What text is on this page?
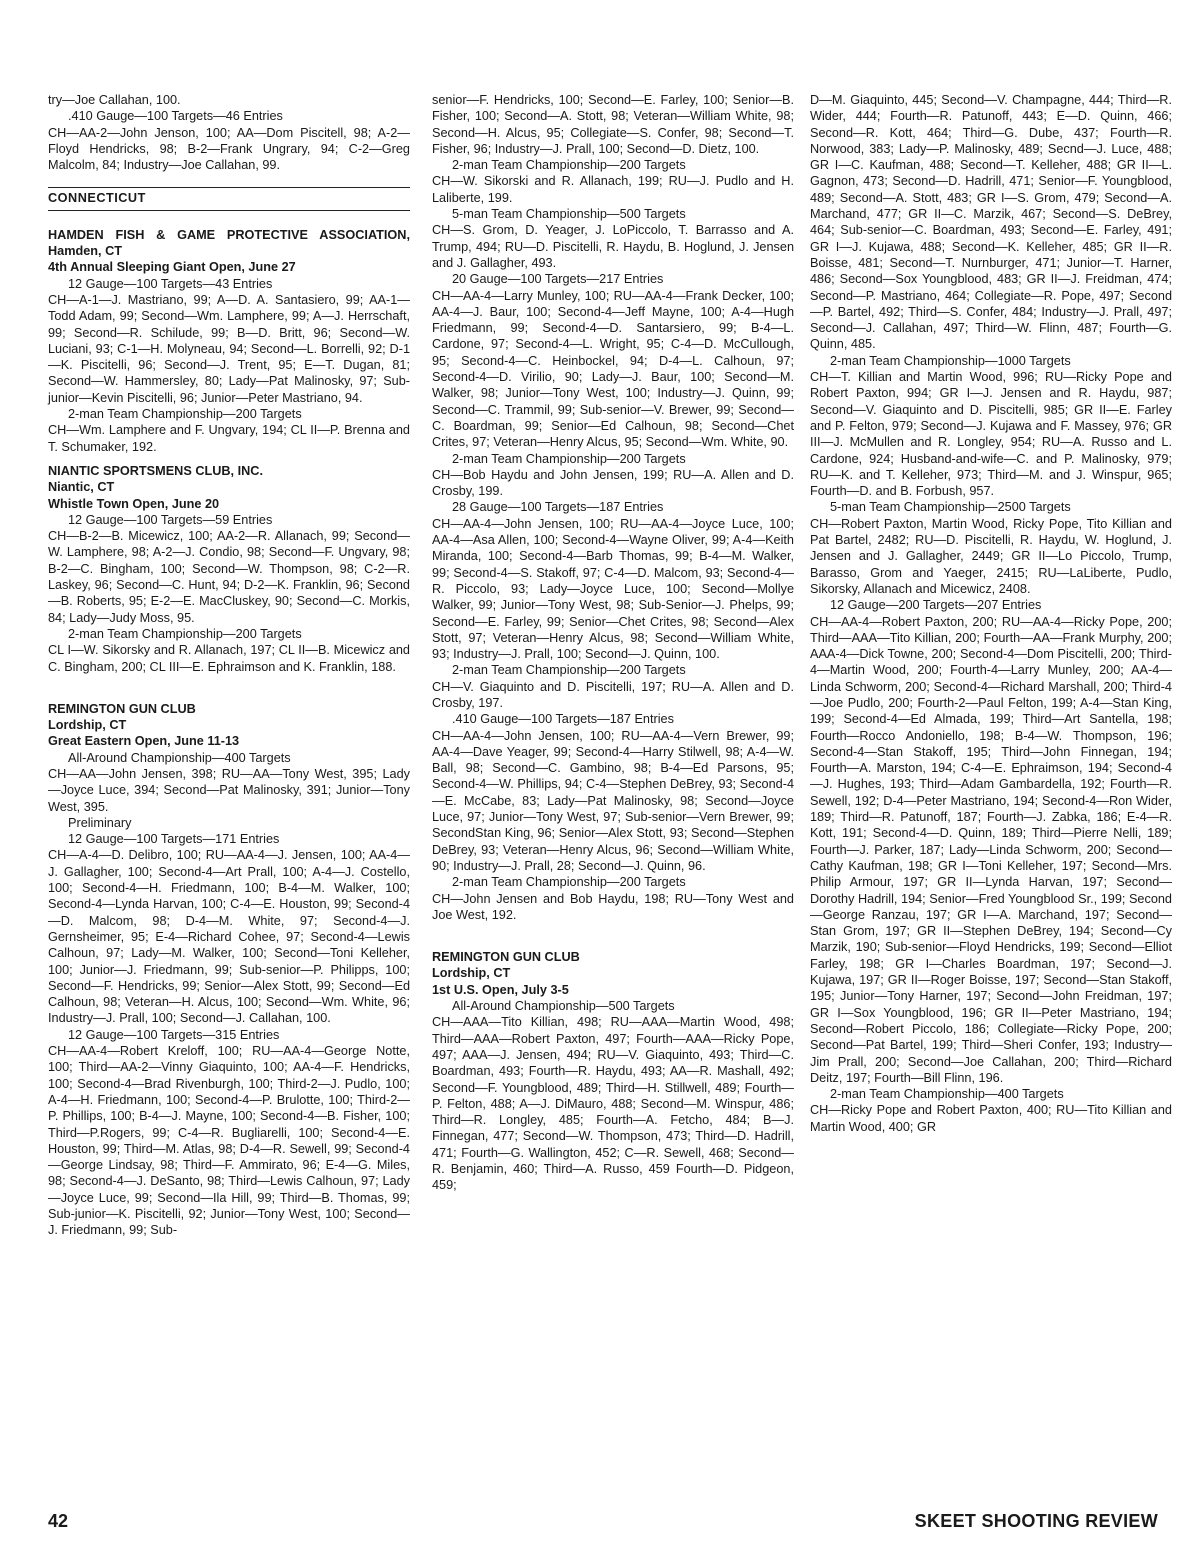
try—Joe Callahan, 100.

.410 Gauge—100 Targets—46 Entries

CH—AA-2—John Jenson, 100; AA—Dom Piscitell, 98; A-2—Floyd Hendricks, 98; B-2—Frank Ungrary, 94; C-2—Greg Malcolm, 84; Industry—Joe Callahan, 99.

CONNECTICUT
HAMDEN FISH & GAME PROTECTIVE ASSOCIATION, Hamden, CT
4th Annual Sleeping Giant Open, June 27

12 Gauge—100 Targets—43 Entries

CH—A-1—J. Mastriano, 99; A—D. A. Santasiero, 99; AA-1—Todd Adam, 99; Second—Wm. Lamphere, 99; A—J. Herrschaft, 99; Second—R. Schilude, 99; B—D. Britt, 96; Second—W. Luciani, 93; C-1—H. Molyneau, 94; Second—L. Borrelli, 92; D-1—K. Piscitelli, 96; Second—J. Trent, 95; E—T. Dugan, 81; Second—W. Hammersley, 80; Lady—Pat Malinosky, 97; Sub-junior—Kevin Piscitelli, 96; Junior—Peter Mastriano, 94.

2-man Team Championship—200 Targets

CH—Wm. Lamphere and F. Ungvary, 194; CL II—P. Brenna and T. Schumaker, 192.

NIANTIC SPORTSMENS CLUB, INC.
Niantic, CT
Whistle Town Open, June 20

12 Gauge—100 Targets—59 Entries

CH—B-2—B. Micewicz, 100; AA-2—R. Allanach, 99; Second—W. Lamphere, 98; A-2—J. Condio, 98; Second—F. Ungvary, 98; B-2—C. Bingham, 100; Second—W. Thompson, 98; C-2—R. Laskey, 96; Second—C. Hunt, 94; D-2—K. Franklin, 96; Second—B. Roberts, 95; E-2—E. MacCluskey, 90; Second—C. Morkis, 84; Lady—Judy Moss, 95.

2-man Team Championship—200 Targets

CL I—W. Sikorsky and R. Allanach, 197; CL II—B. Micewicz and C. Bingham, 200; CL III—E. Ephraimson and K. Franklin, 188.

REMINGTON GUN CLUB
Lordship, CT
Great Eastern Open, June 11-13

All-Around Championship—400 Targets

CH—AA—John Jensen, 398; RU—AA—Tony West, 395; Lady—Joyce Luce, 394; Second—Pat Malinosky, 391; Junior—Tony West, 395.

Preliminary

12 Gauge—100 Targets—171 Entries

CH—A-4—D. Delibro, 100; RU—AA-4—J. Jensen, 100; AA-4—J. Gallagher, 100; Second-4—Art Prall, 100; A-4—J. Costello, 100; Second-4—H. Friedmann, 100; B-4—M. Walker, 100; Second-4—Lynda Harvan, 100; C-4—E. Houston, 99; Second-4—D. Malcom, 98; D-4—M. White, 97; Second-4—J. Gernsheimer, 95; E-4—Richard Cohee, 97; Second-4—Lewis Calhoun, 97; Lady—M. Walker, 100; Second—Toni Kelleher, 100; Junior—J. Friedmann, 99; Sub-senior—P. Philipps, 100; Second—F. Hendricks, 99; Senior—Alex Stott, 99; Second—Ed Calhoun, 98; Veteran—H. Alcus, 100; Second—Wm. White, 96; Industry—J. Prall, 100; Second—J. Callahan, 100.

12 Gauge—100 Targets—315 Entries

CH—AA-4—Robert Kreloff, 100; RU—AA-4—George Notte, 100; Third—AA-2—Vinny Giaquinto, 100; AA-4—F. Hendricks, 100; Second-4—Brad Rivenburgh, 100; Third-2—J. Pudlo, 100; A-4—H. Friedmann, 100; Second-4—P. Brulotte, 100; Third-2—P. Phillips, 100; B-4—J. Mayne, 100; Second-4—B. Fisher, 100; Third—P.Rogers, 99; C-4—R. Bugliarelli, 100; Second-4—E. Houston, 99; Third—M. Atlas, 98; D-4—R. Sewell, 99; Second-4—George Lindsay, 98; Third—F. Ammirato, 96; E-4—G. Miles, 98; Second-4—J. DeSanto, 98; Third—Lewis Calhoun, 97; Lady—Joyce Luce, 99; Second—Ila Hill, 99; Third—B. Thomas, 99; Sub-junior—K. Piscitelli, 92; Junior—Tony West, 100; Second—J. Friedmann, 99; Sub-

senior—F. Hendricks, 100; Second—E. Farley, 100; Senior—B. Fisher, 100; Second—A. Stott, 98; Veteran—William White, 98; Second—H. Alcus, 95; Collegiate—S. Confer, 98; Second—T. Fisher, 96; Industry—J. Prall, 100; Second—D. Dietz, 100.

2-man Team Championship—200 Targets

CH—W. Sikorski and R. Allanach, 199; RU—J. Pudlo and H. Laliberte, 199.

5-man Team Championship—500 Targets

CH—S. Grom, D. Yeager, J. LoPiccolo, T. Barrasso and A. Trump, 494; RU—D. Piscitelli, R. Haydu, B. Hoglund, J. Jensen and J. Gallagher, 493.

20 Gauge—100 Targets—217 Entries

CH—AA-4—Larry Munley, 100; RU—AA-4—Frank Decker, 100; AA-4—J. Baur, 100; Second-4—Jeff Mayne, 100; A-4—Hugh Friedmann, 99; Second-4—D. Santarsiero, 99; B-4—L. Cardone, 97; Second-4—L. Wright, 95; C-4—D. McCullough, 95; Second-4—C. Heinbockel, 94; D-4—L. Calhoun, 97; Second-4—D. Virilio, 90; Lady—J. Baur, 100; Second—M. Walker, 98; Junior—Tony West, 100; Industry—J. Quinn, 99; Second—C. Trammil, 99; Sub-senior—V. Brewer, 99; Second—C. Boardman, 99; Senior—Ed Calhoun, 98; Second—Chet Crites, 97; Veteran—Henry Alcus, 95; Second—Wm. White, 90.

2-man Team Championship—200 Targets

CH—Bob Haydu and John Jensen, 199; RU—A. Allen and D. Crosby, 199.

28 Gauge—100 Targets—187 Entries

CH—AA-4—John Jensen, 100; RU—AA-4—Joyce Luce, 100; AA-4—Asa Allen, 100; Second-4—Wayne Oliver, 99; A-4—Keith Miranda, 100; Second-4—Barb Thomas, 99; B-4—M. Walker, 99; Second-4—S. Stakoff, 97; C-4—D. Malcom, 93; Second-4—R. Piccolo, 93; Lady—Joyce Luce, 100; Second—Mollye Walker, 99; Junior—Tony West, 98; Sub-Senior—J. Phelps, 99; Second—E. Farley, 99; Senior—Chet Crites, 98; Second—Alex Stott, 97; Veteran—Henry Alcus, 98; Second—William White, 93; Industry—J. Prall, 100; Second—J. Quinn, 100.

2-man Team Championship—200 Targets

CH—V. Giaquinto and D. Piscitelli, 197; RU—A. Allen and D. Crosby, 197.

.410 Gauge—100 Targets—187 Entries

CH—AA-4—John Jensen, 100; RU—AA-4—Vern Brewer, 99; AA-4—Dave Yeager, 99; Second-4—Harry Stilwell, 98; A-4—W. Ball, 98; Second—C. Gambino, 98; B-4—Ed Parsons, 95; Second-4—W. Phillips, 94; C-4—Stephen DeBrey, 93; Second-4—E. McCabe, 83; Lady—Pat Malinosky, 98; Second—Joyce Luce, 97; Junior—Tony West, 97; Sub-senior—Vern Brewer, 99; SecondStan King, 96; Senior—Alex Stott, 93; Second—Stephen DeBrey, 93; Veteran—Henry Alcus, 96; Second—William White, 90; Industry—J. Prall, 28; Second—J. Quinn, 96.

2-man Team Championship—200 Targets

CH—John Jensen and Bob Haydu, 198; RU—Tony West and Joe West, 192.

REMINGTON GUN CLUB
Lordship, CT
1st U.S. Open, July 3-5

All-Around Championship—500 Targets

CH—AAA—Tito Killian, 498; RU—AAA—Martin Wood, 498; Third—AAA—Robert Paxton, 497; Fourth—AAA—Ricky Pope, 497; AAA—J. Jensen, 494; RU—V. Giaquinto, 493; Third—C. Boardman, 493; Fourth—R. Haydu, 493; AA—R. Mashall, 492; Second—F. Youngblood, 489; Third—H. Stillwell, 489; Fourth—P. Felton, 488; A—J. DiMauro, 488; Second—M. Winspur, 486; Third—R. Longley, 485; Fourth—A. Fetcho, 484; B—J. Finnegan, 477; Second—W. Thompson, 473; Third—D. Hadrill, 471; Fourth—G. Wallington, 452; C—R. Sewell, 468; Second—R. Benjamin, 460; Third—A. Russo, 459 Fourth—D. Pidgeon, 459;

D—M. Giaquinto, 445; Second—V. Champagne, 444; Third—R. Wider, 444; Fourth—R. Patunoff, 443; E—D. Quinn, 466; Second—R. Kott, 464; Third—G. Dube, 437; Fourth—R. Norwood, 383; Lady—P. Malinosky, 489; Secnd—J. Luce, 488; GR I—C. Kaufman, 488; Second—T. Kelleher, 488; GR II—L. Gagnon, 473; Second—D. Hadrill, 471; Senior—F. Youngblood, 489; Second—A. Stott, 483; GR I—S. Grom, 479; Second—A. Marchand, 477; GR II—C. Marzik, 467; Second—S. DeBrey, 464; Sub-senior—C. Boardman, 493; Second—E. Farley, 491; GR I—J. Kujawa, 488; Second—K. Kelleher, 485; GR II—R. Boisse, 481; Second—T. Nurnburger, 471; Junior—T. Harner, 486; Second—Sox Youngblood, 483; GR II—J. Freidman, 474; Second—P. Mastriano, 464; Collegiate—R. Pope, 497; Second—P. Bartel, 492; Third—S. Confer, 484; Industry—J. Prall, 497; Second—J. Callahan, 497; Third—W. Flinn, 487; Fourth—G. Quinn, 485.

2-man Team Championship—1000 Targets

CH—T. Killian and Martin Wood, 996; RU—Ricky Pope and Robert Paxton, 994; GR I—J. Jensen and R. Haydu, 987; Second—V. Giaquinto and D. Piscitelli, 985; GR II—E. Farley and P. Felton, 979; Second—J. Kujawa and F. Massey, 976; GR III—J. McMullen and R. Longley, 954; RU—A. Russo and L. Cardone, 924; Husband-and-wife—C. and P. Malinosky, 979; RU—K. and T. Kelleher, 973; Third—M. and J. Winspur, 965; Fourth—D. and B. Forbush, 957.

5-man Team Championship—2500 Targets

CH—Robert Paxton, Martin Wood, Ricky Pope, Tito Killian and Pat Bartel, 2482; RU—D. Piscitelli, R. Haydu, W. Hoglund, J. Jensen and J. Gallagher, 2449; GR II—Lo Piccolo, Trump, Barasso, Grom and Yaeger, 2415; RU—LaLiberte, Pudlo, Sikorsky, Allanach and Micewicz, 2408.

12 Gauge—200 Targets—207 Entries

CH—AA-4—Robert Paxton, 200; RU—AA-4—Ricky Pope, 200; Third—AAA—Tito Killian, 200; Fourth—AA—Frank Murphy, 200; AAA-4—Dick Towne, 200; Second-4—Dom Piscitelli, 200; Third-4—Martin Wood, 200; Fourth-4—Larry Munley, 200; AA-4—Linda Schworm, 200; Second-4—Richard Marshall, 200; Third-4—Joe Pudlo, 200; Fourth-2—Paul Felton, 199; A-4—Stan King, 199; Second-4—Ed Almada, 199; Third—Art Santella, 198; Fourth—Rocco Andoniello, 198; B-4—W. Thompson, 196; Second-4—Stan Stakoff, 195; Third—John Finnegan, 194; Fourth—A. Marston, 194; C-4—E. Ephraimson, 194; Second-4—J. Hughes, 193; Third—Adam Gambardella, 192; Fourth—R. Sewell, 192; D-4—Peter Mastriano, 194; Second-4—Ron Wider, 189; Third—R. Patunoff, 187; Fourth—J. Zabka, 186; E-4—R. Kott, 191; Second-4—D. Quinn, 189; Third—Pierre Nelli, 189; Fourth—J. Parker, 187; Lady—Linda Schworm, 200; Second—Cathy Kaufman, 198; GR I—Toni Kelleher, 197; Second—Mrs. Philip Armour, 197; GR II—Lynda Harvan, 197; Second—Dorothy Hadrill, 194; Senior—Fred Youngblood Sr., 199; Second—George Ranzau, 197; GR I—A. Marchand, 197; Second—Stan Grom, 197; GR II—Stephen DeBrey, 194; Second—Cy Marzik, 190; Sub-senior—Floyd Hendricks, 199; Second—Elliot Farley, 198; GR I—Charles Boardman, 197; Second—J. Kujawa, 197; GR II—Roger Boisse, 197; Second—Stan Stakoff, 195; Junior—Tony Harner, 197; Second—John Freidman, 197; GR I—Sox Youngblood, 196; GR II—Peter Mastriano, 194; Second—Robert Piccolo, 186; Collegiate—Ricky Pope, 200; Second—Pat Bartel, 199; Third—Sheri Confer, 193; Industry—Jim Prall, 200; Second—Joe Callahan, 200; Third—Richard Deitz, 197; Fourth—Bill Flinn, 196.

2-man Team Championship—400 Targets

CH—Ricky Pope and Robert Paxton, 400; RU—Tito Killian and Martin Wood, 400; GR

42	SKEET SHOOTING REVIEW
